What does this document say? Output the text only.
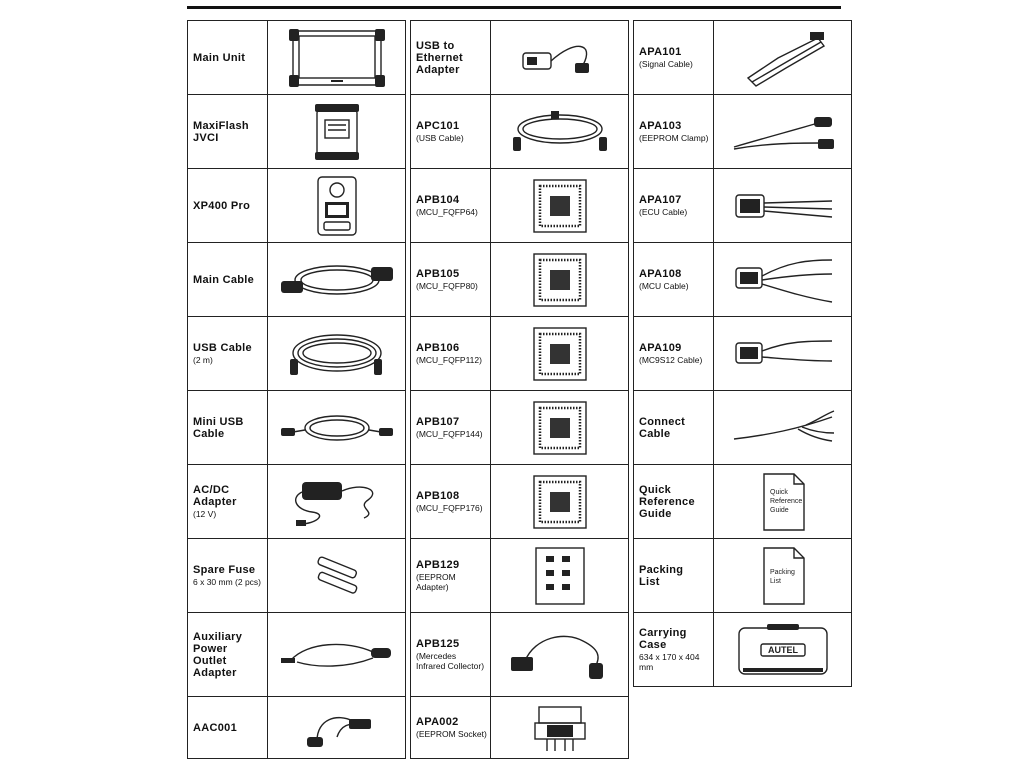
Main Unit

MaxiFlash
JVCI

XP400 Pro

Main Cable

USB Cable
(2 m)

Mini USB
Cable

AC/DC
Adapter
(12 V)

Spare Fuse
6 x 30 mm (2 pcs)

Auxiliary
Power
Outlet
Adapter

AAC001

USB to
Ethernet
Adapter

APC101
(USB Cable)

APB104
(MCU_FQFP64)

APB105
(MCU_FQFP80)

APB106
(MCU_FQFP112)

APB107
(MCU_FQFP144)

APB108
(MCU_FQFP176)

APB129
(EEPROM
Adapter)

APB125
(Mercedes
Infrared Collector)

APA002
(EEPROM Socket)

APA101
(Signal Cable)

APA103
(EEPROM Clamp)

APA107
(ECU Cable)

APA108
(MCU Cable)

APA109
(MC9S12 Cable)

Connect
Cable

Quick
Reference
Guide	Quick Reference Guide

Packing
List	Packing List

Carrying
Case
634 x 170 x 404 mm	AUTEL
